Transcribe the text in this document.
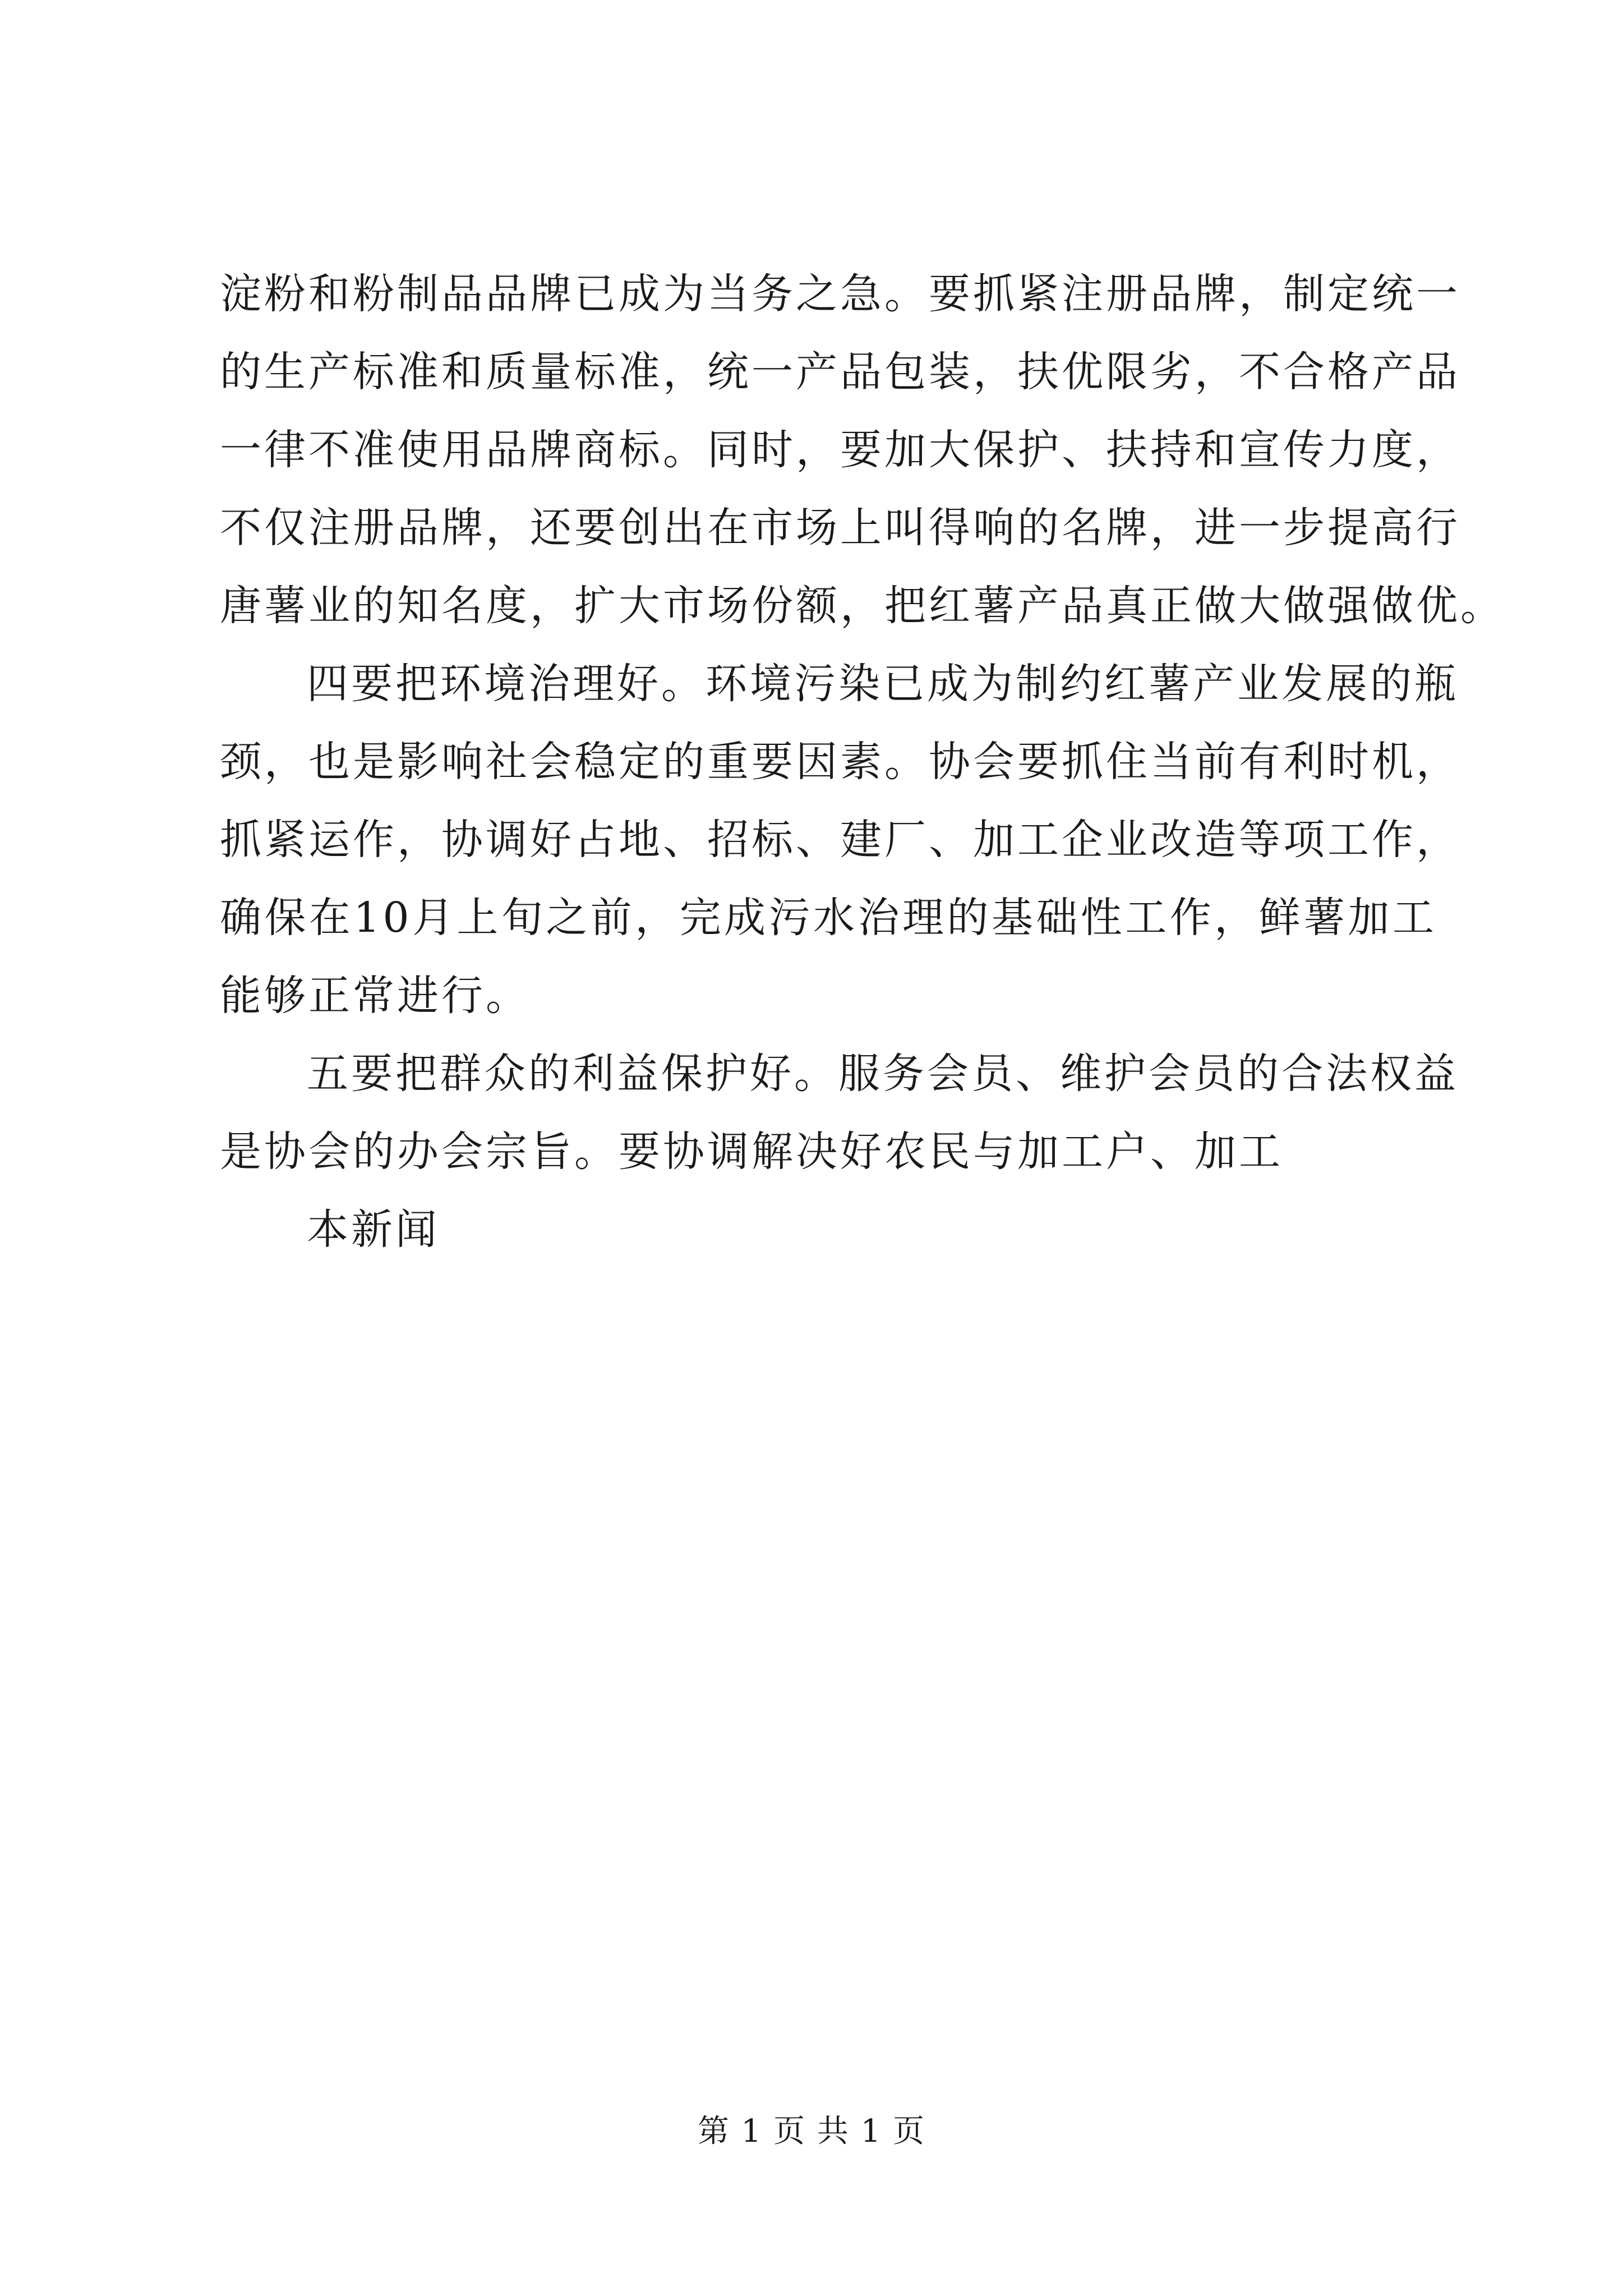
淀粉和粉制品品牌已成为当务之急。要抓紧注册品牌，制定统一
的生产标准和质量标准，统一产品包装，扶优限劣，不合格产品
一律不准使用品牌商标。同时，要加大保护、扶持和宣传力度，
不仅注册品牌，还要创出在市场上叫得响的名牌，进一步提高行
唐薯业的知名度，扩大市场份额，把红薯产品真正做大做强做优。
四要把环境治理好。环境污染已成为制约红薯产业发展的瓶
颈，也是影响社会稳定的重要因素。协会要抓住当前有利时机，
抓紧运作，协调好占地、招标、建厂、加工企业改造等项工作，
确保在10月上旬之前，完成污水治理的基础性工作，鲜薯加工
能够正常进行。
五要把群众的利益保护好。服务会员、维护会员的合法权益
是协会的办会宗旨。要协调解决好农民与加工户、加工
本新闻
第 1 页 共 1 页
